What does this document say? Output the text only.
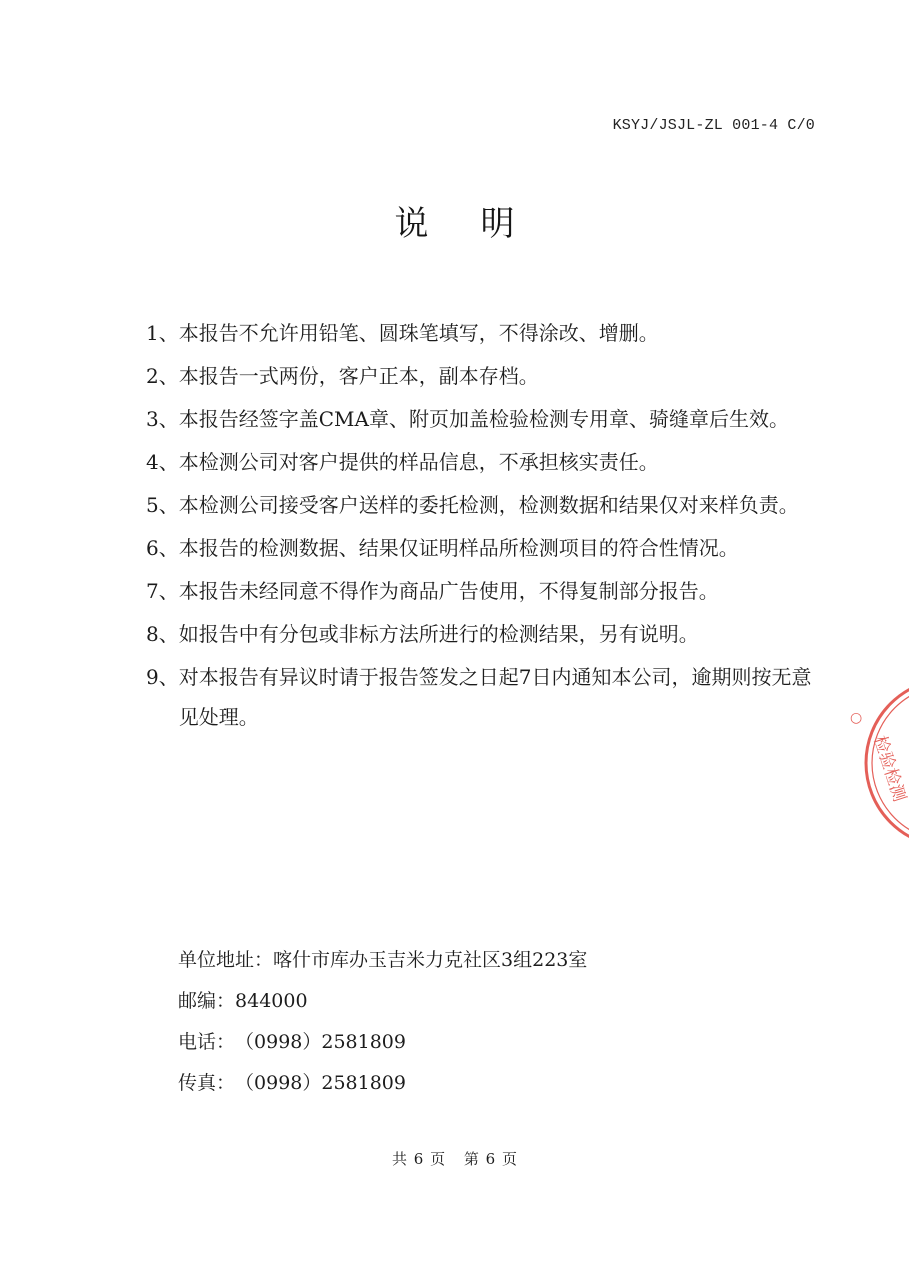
KSYJ/JSJL-ZL 001-4 C/0
说明
1、 本报告不允许用铅笔、圆珠笔填写，不得涂改、增删。
2、 本报告一式两份，客户正本，副本存档。
3、 本报告经签字盖CMA章、附页加盖检验检测专用章、骑缝章后生效。
4、 本检测公司对客户提供的样品信息，不承担核实责任。
5、 本检测公司接受客户送样的委托检测，检测数据和结果仅对来样负责。
6、 本报告的检测数据、结果仅证明样品所检测项目的符合性情况。
7、 本报告未经同意不得作为商品广告使用，不得复制部分报告。
8、 如报告中有分包或非标方法所进行的检测结果，另有说明。
9、 对本报告有异议时请于报告签发之日起7日内通知本公司，逾期则按无意见处理。
单位地址： 喀什市库办玉吉米力克社区3组223室
邮编： 844000
电话： （0998）2581809
传真： （0998）2581809
共 6 页 第 6 页
检验检测
○
